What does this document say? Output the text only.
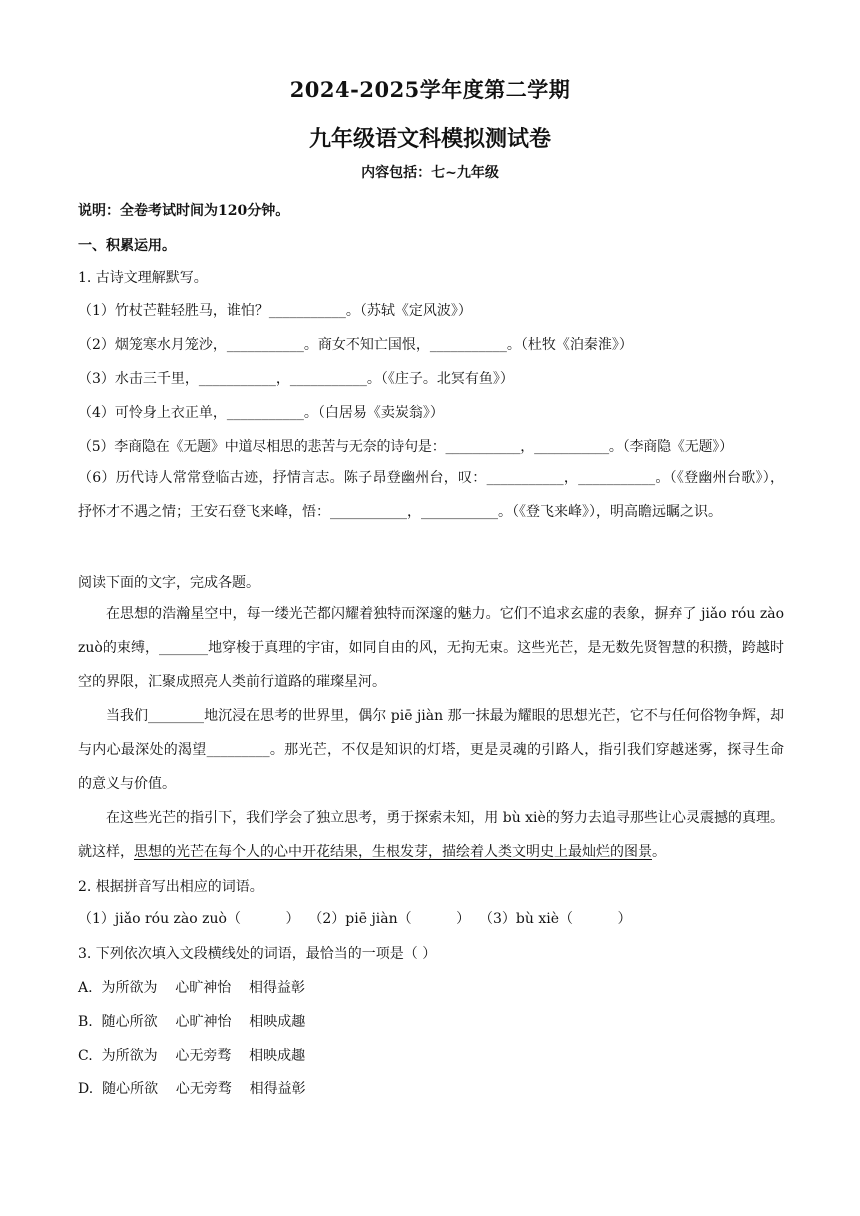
2024-2025学年度第二学期
九年级语文科模拟测试卷
内容包括：七~九年级
说明：全卷考试时间为120分钟。
一、积累运用。
1. 古诗文理解默写。
（1）竹杖芒鞋轻胜马，谁怕？___________。（苏轼《定风波》）
（2）烟笼寒水月笼沙，___________。商女不知亡国恨，___________。（杜牧《泊秦淮》）
（3）水击三千里，___________，___________。（《庄子。北冥有鱼》）
（4）可怜身上衣正单，___________。（白居易《卖炭翁》）
（5）李商隐在《无题》中道尽相思的悲苦与无奈的诗句是：___________，___________。（李商隐《无题》）
（6）历代诗人常常登临古迹，抒情言志。陈子昂登幽州台，叹：___________，___________。（《登幽州台歌》），抒怀才不遇之情；王安石登飞来峰，悟：___________，___________。（《登飞来峰》），明高瞻远瞩之识。
阅读下面的文字，完成各题。
在思想的浩瀚星空中，每一缕光芒都闪耀着独特而深邃的魅力。它们不追求玄虚的表象，摒弃了 jiǎo róu zào zuò的束缚，_______地穿梭于真理的宇宙，如同自由的风，无拘无束。这些光芒，是无数先贤智慧的积攒，跨越时空的界限，汇聚成照亮人类前行道路的璀璨星河。
当我们________地沉浸在思考的世界里，偶尔 piē jiàn 那一抹最为耀眼的思想光芒，它不与任何俗物争辉，却与内心最深处的渴望_________。那光芒，不仅是知识的灯塔，更是灵魂的引路人，指引我们穿越迷雾，探寻生命的意义与价值。
在这些光芒的指引下，我们学会了独立思考，勇于探索未知，用 bù xiè的努力去追寻那些让心灵震撼的真理。就这样，思想的光芒在每个人的心中开花结果，生根发芽，描绘着人类文明史上最灿烂的图景。
2. 根据拼音写出相应的词语。
（1）jiǎo róu zào zuò（          ）  （2）piē jiàn（          ）  （3）bù xiè（          ）
3. 下列依次填入文段横线处的词语，最恰当的一项是（ ）
A.  为所欲为    心旷神怡    相得益彰
B.  随心所欲    心旷神怡    相映成趣
C.  为所欲为    心无旁骛    相映成趣
D.  随心所欲    心无旁骛    相得益彰
